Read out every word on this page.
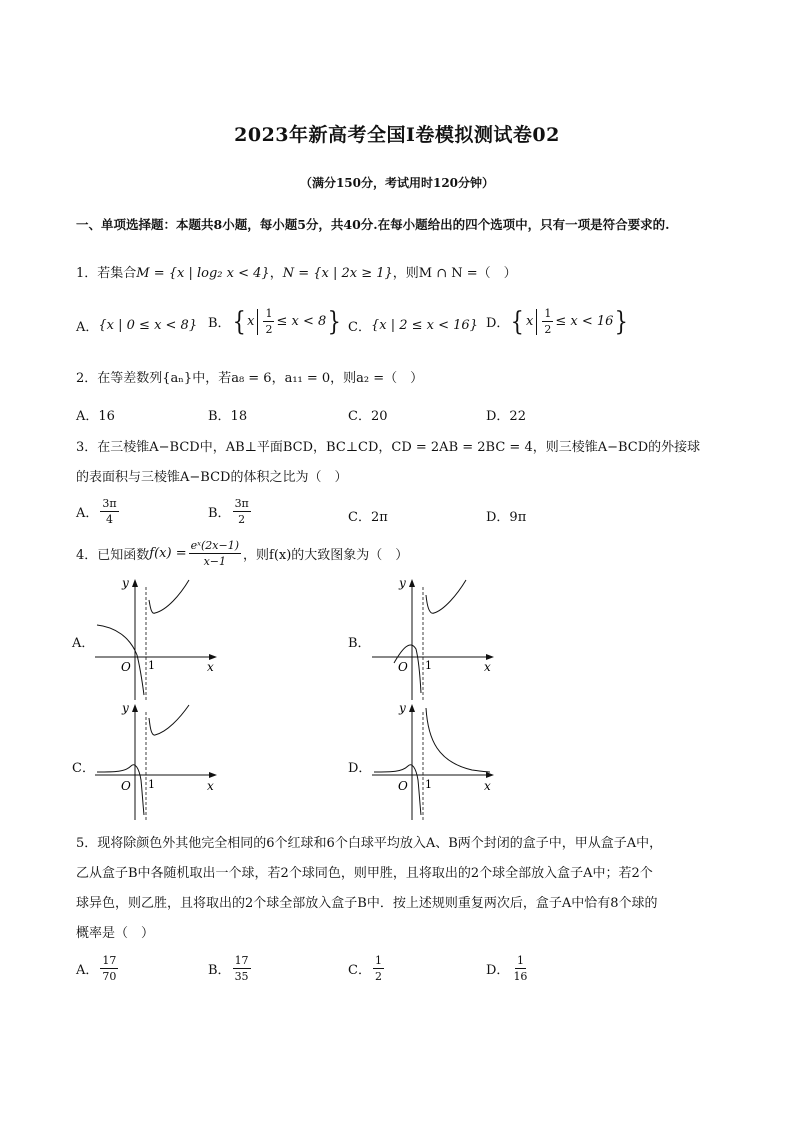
2023年新高考全国Ⅰ卷模拟测试卷02
（满分150分，考试用时120分钟）
一、单项选择题：本题共8小题，每小题5分，共40分.在每小题给出的四个选项中，只有一项是符合要求的.
1．若集合M = {x | log₂ x < 4}，N = {x | 2x ≥ 1}，则M ∩ N =（　）
A． {x | 0 ≤ x < 8} B． { x $\frac{1}{2} \le x < 8$ } C． {x | 2 ≤ x < 16} D． { x $\frac{1}{2} \le x < 16$ }
2．在等差数列{aₙ}中，若a₈ = 6，a₁₁ = 0，则a₂ =（　）
A．16	B．18	C．20	D．22
3．在三棱锥A−BCD中，AB⊥平面BCD，BC⊥CD，CD = 2AB = 2BC = 4，则三棱锥A−BCD的外接球
的表面积与三棱锥A−BCD的体积之比为（　）
A． $\frac{3\pi}{4}$	B． $\frac{3\pi}{2}$	C．2π	D．9π
4．已知函数 $f(x) = \frac{\text{eˣ(2x−1)}}{x-1}$ ，则f(x)的大致图象为（　）
A．	B．
C．	D．
O 1	x
y
O 1	x
y
O 1	x
y
O 1	x
y
5．现将除颜色外其他完全相同的6个红球和6个白球平均放入A、B两个封闭的盒子中，甲从盒子A中，
乙从盒子B中各随机取出一个球，若2个球同色，则甲胜，且将取出的2个球全部放入盒子A中；若2个
球异色，则乙胜，且将取出的2个球全部放入盒子B中．按上述规则重复两次后，盒子A中恰有8个球的
概率是（　）
A． $\frac{17}{70}$	B． $\frac{17}{35}$	C． $\frac{1}{2}$	D． $\frac{1}{16}$
